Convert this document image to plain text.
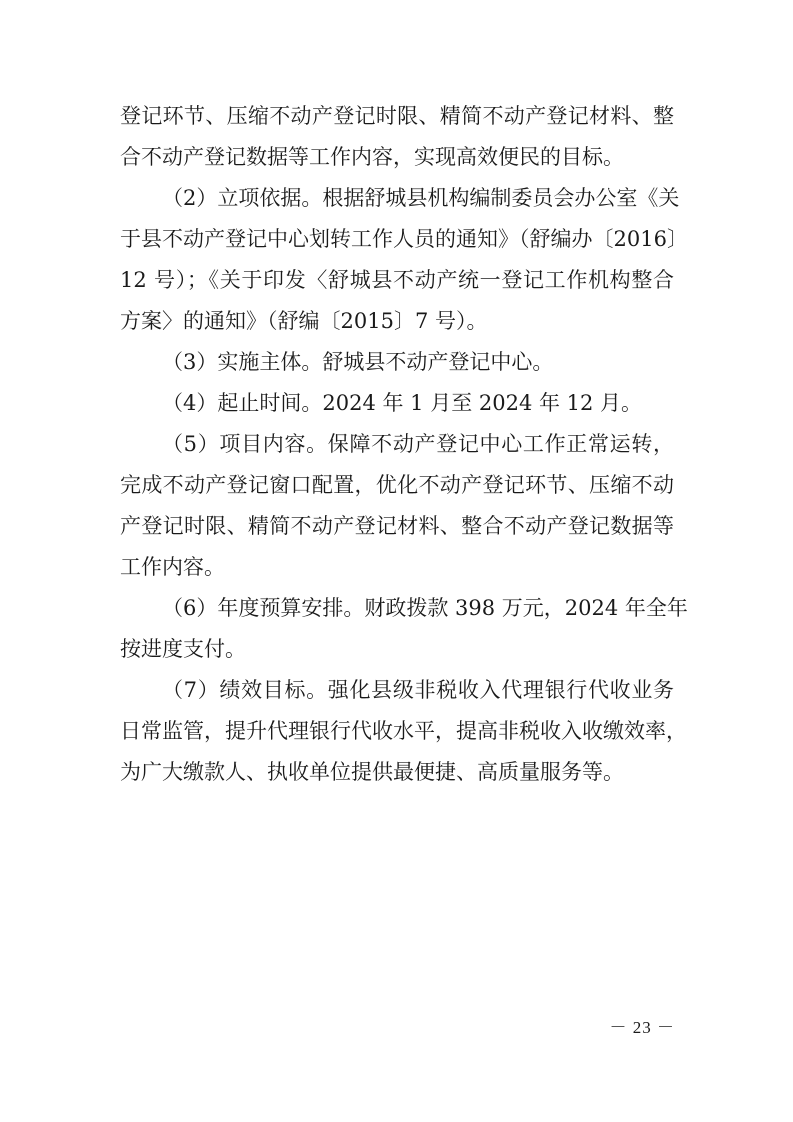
登记环节、压缩不动产登记时限、精简不动产登记材料、整
合不动产登记数据等工作内容，实现高效便民的目标。
（2）立项依据。根据舒城县机构编制委员会办公室《关
于县不动产登记中心划转工作人员的通知》（舒编办〔2016〕
12 号）；《关于印发〈舒城县不动产统一登记工作机构整合
方案〉的通知》（舒编〔2015〕7 号）。
（3）实施主体。舒城县不动产登记中心。
（4）起止时间。2024 年 1 月至 2024 年 12 月。
（5）项目内容。保障不动产登记中心工作正常运转，
完成不动产登记窗口配置，优化不动产登记环节、压缩不动
产登记时限、精简不动产登记材料、整合不动产登记数据等
工作内容。
（6）年度预算安排。财政拨款 398 万元，2024 年全年
按进度支付。
（7）绩效目标。强化县级非税收入代理银行代收业务
日常监管，提升代理银行代收水平，提高非税收入收缴效率，
为广大缴款人、执收单位提供最便捷、高质量服务等。
－ 23 －
